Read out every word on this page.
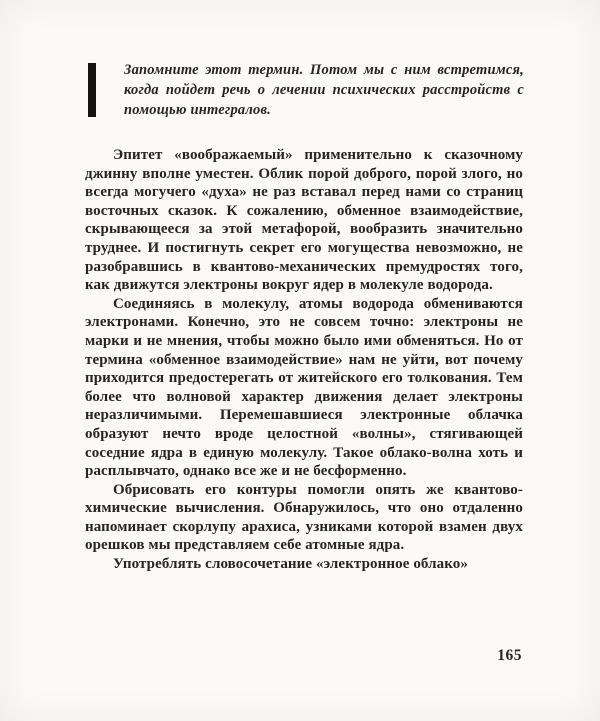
Запомните этот термин. Потом мы с ним встретимся, когда пойдет речь о лечении психических расстройств с помощью интегралов.

Эпитет «воображаемый» применительно к сказочному джинну вполне уместен. Облик порой доброго, порой злого, но всегда могучего «духа» не раз вставал перед нами со страниц восточных сказок. К сожалению, обменное взаимодействие, скрывающееся за этой метафорой, вообразить значительно труднее. И постигнуть секрет его могущества невозможно, не разобравшись в квантово-механических премудростях того, как движутся электроны вокруг ядер в молекуле водорода.

Соединяясь в молекулу, атомы водорода обмениваются электронами. Конечно, это не совсем точно: электроны не марки и не мнения, чтобы можно было ими обменяться. Но от термина «обменное взаимодействие» нам не уйти, вот почему приходится предостерегать от житейского его толкования. Тем более что волновой характер движения делает электроны неразличимыми. Перемешавшиеся электронные облачка образуют нечто вроде целостной «волны», стягивающей соседние ядра в единую молекулу. Такое облако-волна хоть и расплывчато, однако все же и не бесформенно.

Обрисовать его контуры помогли опять же квантово-химические вычисления. Обнаружилось, что оно отдаленно напоминает скорлупу арахиса, узниками которой взамен двух орешков мы представляем себе атомные ядра.

Употреблять словосочетание «электронное облако»

165
